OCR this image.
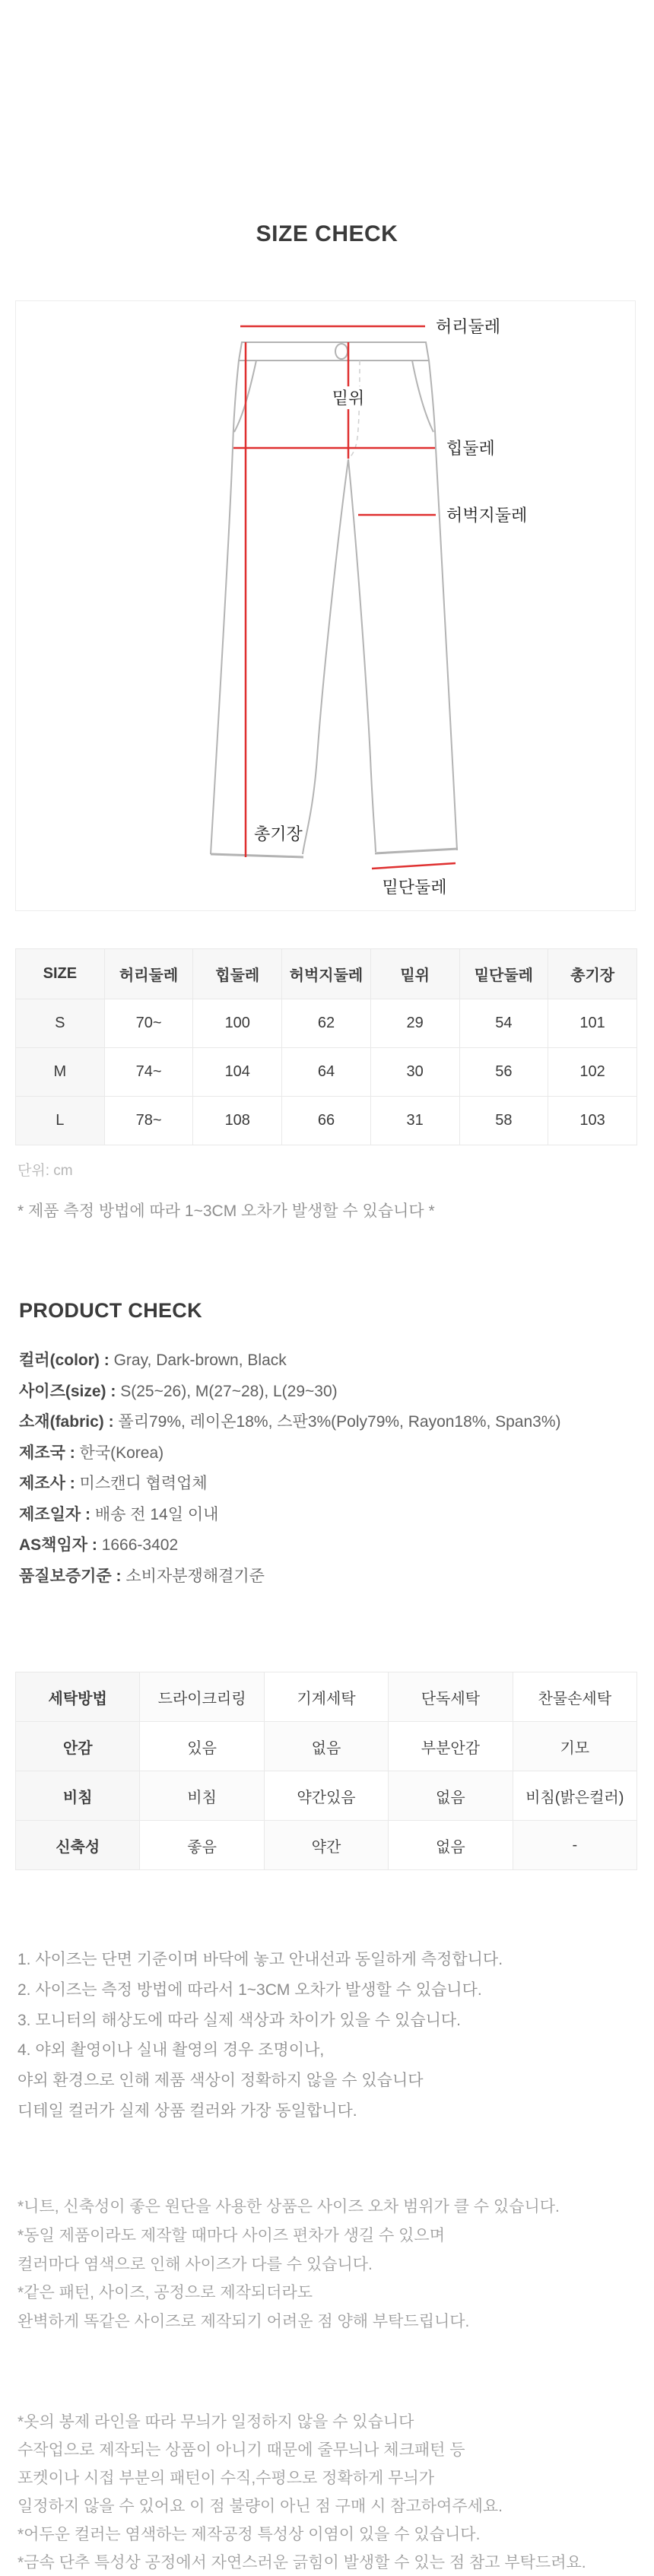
SIZE CHECK
허리둘레
밑위
힙둘레
허벅지둘레
총기장
밑단둘레
SIZE	허리둘레	힙둘레	허벅지둘레	밑위	밑단둘레	총기장
S	70~	100	62	29	54	101
M	74~	104	64	30	56	102
L	78~	108	66	31	58	103
단위: cm
* 제품 측정 방법에 따라 1~3CM 오차가 발생할 수 있습니다 *
PRODUCT CHECK

컬러(color) : Gray, Dark-brown, Black

사이즈(size) : S(25~26), M(27~28), L(29~30)

소재(fabric) : 폴리79%, 레이온18%, 스판3%(Poly79%, Rayon18%, Span3%)

제조국 : 한국(Korea)

제조사 : 미스캔디 협력업체

제조일자 : 배송 전 14일 이내

AS책임자 : 1666-3402

품질보증기준 : 소비자분쟁해결기준

세탁방법	드라이크리링	기계세탁	단독세탁	찬물손세탁
안감	있음	없음	부분안감	기모
비침	비침	약간있음	없음	비침(밝은컬러)
신축성	좋음	약간	없음	-

1. 사이즈는 단면 기준이며 바닥에 놓고 안내선과 동일하게 측정합니다.

2. 사이즈는 측정 방법에 따라서 1~3CM 오차가 발생할 수 있습니다.

3. 모니터의 해상도에 따라 실제 색상과 차이가 있을 수 있습니다.

4. 야외 촬영이나 실내 촬영의 경우 조명이나,

야외 환경으로 인해 제품 색상이 정확하지 않을 수 있습니다

디테일 컬러가 실제 상품 컬러와 가장 동일합니다.

*니트, 신축성이 좋은 원단을 사용한 상품은 사이즈 오차 범위가 클 수 있습니다.

*동일 제품이라도 제작할 때마다 사이즈 편차가 생길 수 있으며

컬러마다 염색으로 인해 사이즈가 다를 수 있습니다.

*같은 패턴, 사이즈, 공정으로 제작되더라도

완벽하게 똑같은 사이즈로 제작되기 어려운 점 양해 부탁드립니다.

*옷의 봉제 라인을 따라 무늬가 일정하지 않을 수 있습니다

수작업으로 제작되는 상품이 아니기 때문에 줄무늬나 체크패턴 등

포켓이나 시접 부분의 패턴이 수직,수평으로 정확하게 무늬가

일정하지 않을 수 있어요 이 점 불량이 아닌 점 구매 시 참고하여주세요.

*어두운 컬러는 염색하는 제작공정 특성상 이염이 있을 수 있습니다.

*금속 단추 특성상 공정에서 자연스러운 긁힘이 발생할 수 있는 점 참고 부탁드려요.
